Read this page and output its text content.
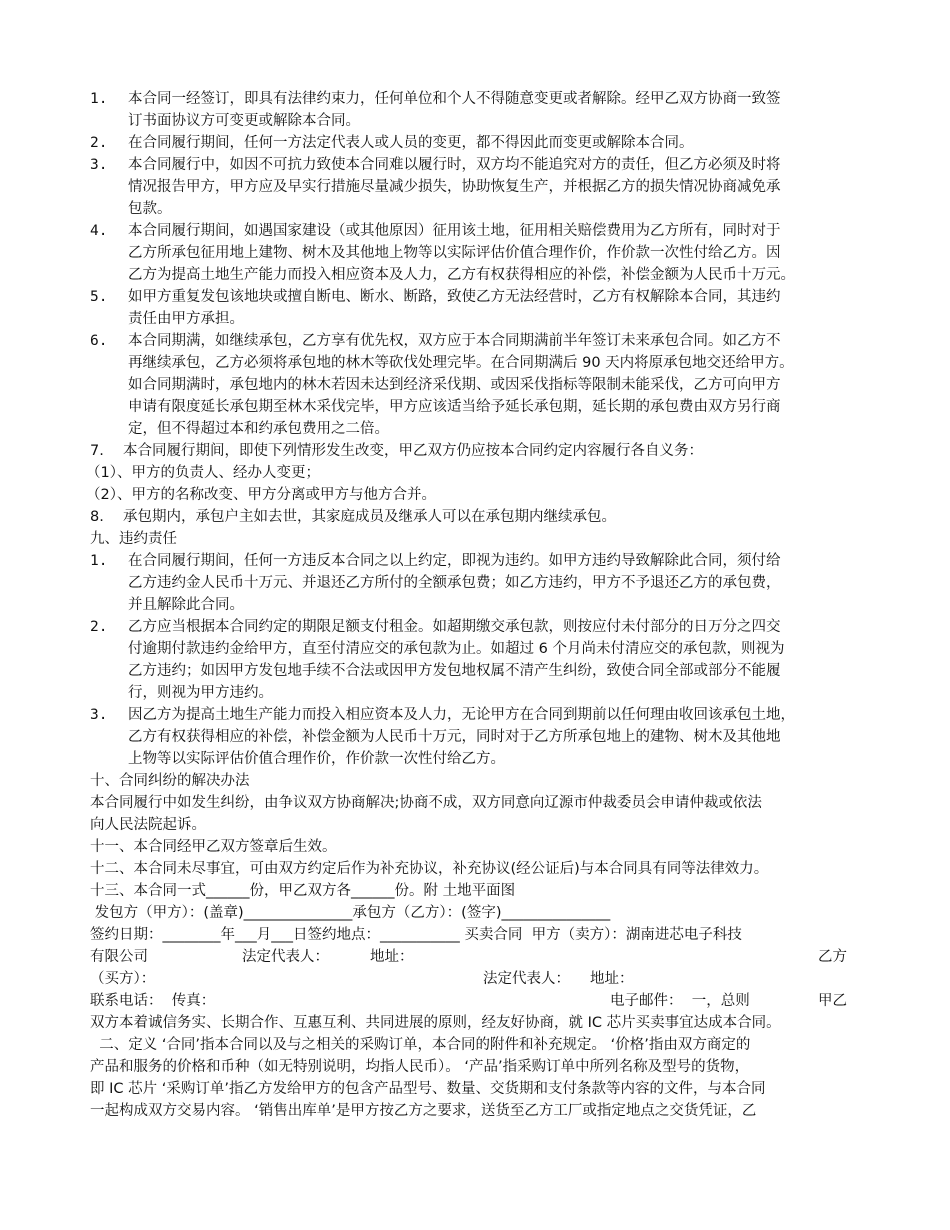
1. 本合同一经签订，即具有法律约束力，任何单位和个人不得随意变更或者解除。经甲乙双方协商一致签
订书面协议方可变更或解除本合同。
2. 在合同履行期间，任何一方法定代表人或人员的变更，都不得因此而变更或解除本合同。
3. 本合同履行中，如因不可抗力致使本合同难以履行时，双方均不能追究对方的责任，但乙方必须及时将
情况报告甲方，甲方应及早实行措施尽量减少损失，协助恢复生产，并根据乙方的损失情况协商减免承
包款。
4. 本合同履行期间，如遇国家建设（或其他原因）征用该土地，征用相关赔偿费用为乙方所有，同时对于
乙方所承包征用地上建物、树木及其他地上物等以实际评估价值合理作价，作价款一次性付给乙方。因
乙方为提高土地生产能力而投入相应资本及人力，乙方有权获得相应的补偿，补偿金额为人民币十万元。
5. 如甲方重复发包该地块或擅自断电、断水、断路，致使乙方无法经营时，乙方有权解除本合同，其违约
责任由甲方承担。
6. 本合同期满，如继续承包，乙方享有优先权，双方应于本合同期满前半年签订未来承包合同。如乙方不
再继续承包，乙方必须将承包地的林木等砍伐处理完毕。在合同期满后 90 天内将原承包地交还给甲方。
如合同期满时，承包地内的林木若因未达到经济采伐期、或因采伐指标等限制未能采伐，乙方可向甲方
申请有限度延长承包期至林木采伐完毕，甲方应该适当给予延长承包期，延长期的承包费由双方另行商
定，但不得超过本和约承包费用之二倍。
7.　 本合同履行期间，即使下列情形发生改变，甲乙双方仍应按本合同约定内容履行各自义务：
（1）、甲方的负责人、经办人变更；
（2）、甲方的名称改变、甲方分离或甲方与他方合并。
8.　 承包期内，承包户主如去世，其家庭成员及继承人可以在承包期内继续承包。
九、违约责任
1. 在合同履行期间，任何一方违反本合同之以上约定，即视为违约。如甲方违约导致解除此合同，须付给
乙方违约金人民币十万元、并退还乙方所付的全额承包费；如乙方违约，甲方不予退还乙方的承包费，
并且解除此合同。
2. 乙方应当根据本合同约定的期限足额支付租金。如超期缴交承包款，则按应付未付部分的日万分之四交
付逾期付款违约金给甲方，直至付清应交的承包款为止。如超过 6 个月尚未付清应交的承包款，则视为
乙方违约；如因甲方发包地手续不合法或因甲方发包地权属不清产生纠纷，致使合同全部或部分不能履
行，则视为甲方违约。
3. 因乙方为提高土地生产能力而投入相应资本及人力，无论甲方在合同到期前以任何理由收回该承包土地，
乙方有权获得相应的补偿，补偿金额为人民币十万元，同时对于乙方所承包地上的建物、树木及其他地
上物等以实际评估价值合理作价，作价款一次性付给乙方。
十、合同纠纷的解决办法
本合同履行中如发生纠纷，由争议双方协商解决;协商不成，双方同意向辽源市仲裁委员会申请仲裁或依法
向人民法院起诉。
十一、本合同经甲乙双方签章后生效。
十二、本合同未尽事宜，可由双方约定后作为补充协议，补充协议(经公证后)与本合同具有同等法律效力。
十三、本合同一式______份，甲乙双方各______份。附 土地平面图
发包方（甲方）：(盖章)_______________承包方（乙方）：(签字)_______________
签约日期：________年___月___日签约地点：___________ 买卖合同  甲方（卖方）：湖南进芯电子科技
有限公司	法定代表人：	地址：	乙方
（买方）：	法定代表人： 地址：
联系电话：  传真：	电子邮件：  一，总则	甲乙
双方本着诚信务实、长期合作、互惠互利、共同进展的原则，经友好协商，就 IC 芯片买卖事宜达成本合同。
二、定义 ‘合同’指本合同以及与之相关的采购订单，本合同的附件和补充规定。 ‘价格’指由双方商定的
产品和服务的价格和币种（如无特别说明，均指人民币）。 ‘产品’指采购订单中所列名称及型号的货物，
即 IC 芯片 ‘采购订单’指乙方发给甲方的包含产品型号、数量、交货期和支付条款等内容的文件，与本合同
一起构成双方交易内容。 ‘销售出库单’是甲方按乙方之要求，送货至乙方工厂或指定地点之交货凭证，乙
